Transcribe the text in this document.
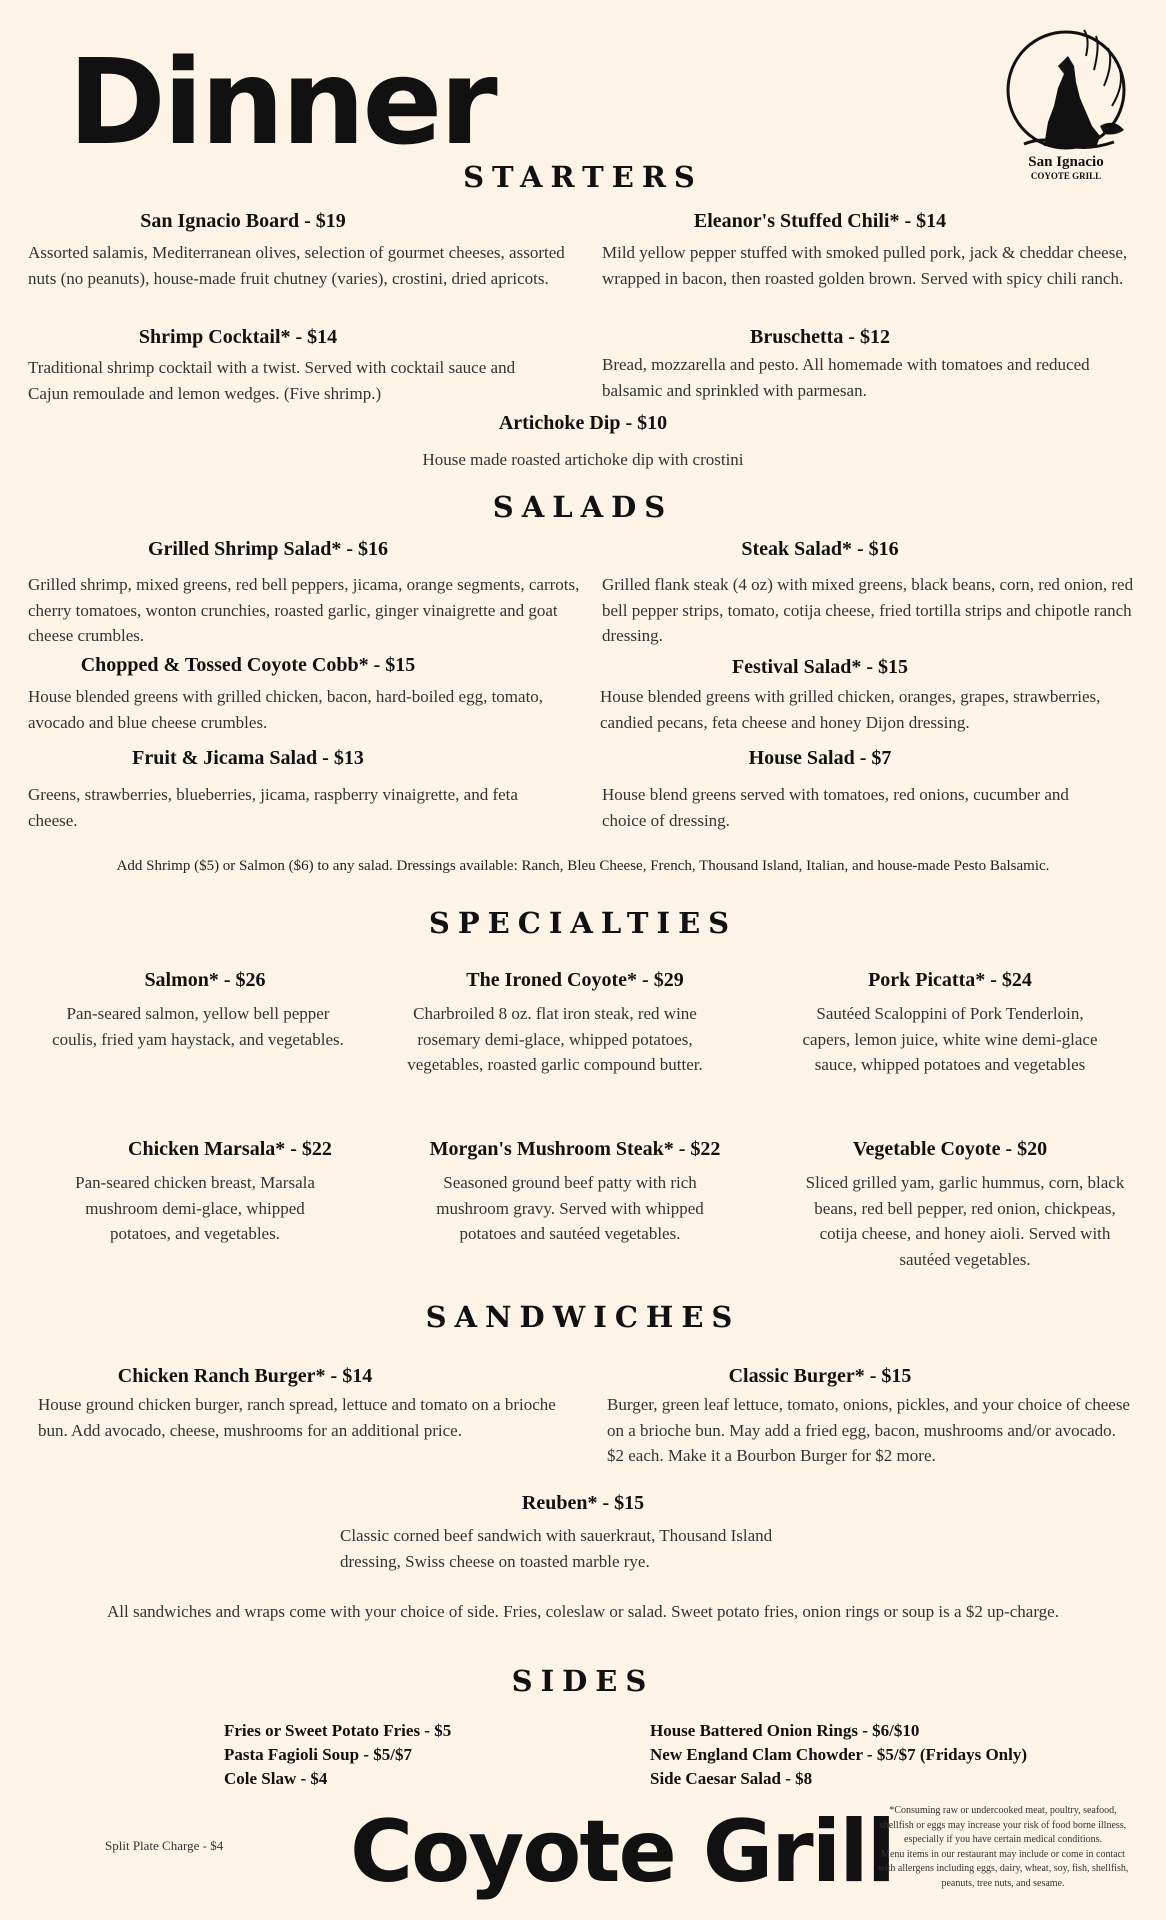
Dinner	San Ignacio
COYOTE GRILL
STARTERS
San Ignacio Board - $19
Assorted salamis, Mediterranean olives, selection of gourmet cheeses, assorted nuts (no peanuts), house-made fruit chutney (varies), crostini, dried apricots.
Eleanor's Stuffed Chili* - $14
Mild yellow pepper stuffed with smoked pulled pork, jack & cheddar cheese, wrapped in bacon, then roasted golden brown. Served with spicy chili ranch.
Shrimp Cocktail* - $14
Traditional shrimp cocktail with a twist. Served with cocktail sauce and Cajun remoulade and lemon wedges. (Five shrimp.)
Bruschetta - $12
Bread, mozzarella and pesto. All homemade with tomatoes and reduced balsamic and sprinkled with parmesan.
Artichoke Dip - $10
House made roasted artichoke dip with crostini
SALADS
Grilled Shrimp Salad* - $16
Grilled shrimp, mixed greens, red bell peppers, jicama, orange segments, carrots, cherry tomatoes, wonton crunchies, roasted garlic, ginger vinaigrette and goat cheese crumbles.
Steak Salad* - $16
Grilled flank steak (4 oz) with mixed greens, black beans, corn, red onion, red bell pepper strips, tomato, cotija cheese, fried tortilla strips and chipotle ranch dressing.
Chopped & Tossed Coyote Cobb* - $15
House blended greens with grilled chicken, bacon, hard-boiled egg, tomato, avocado and blue cheese crumbles.
Festival Salad* - $15
House blended greens with grilled chicken, oranges, grapes, strawberries, candied pecans, feta cheese and honey Dijon dressing.
Fruit & Jicama Salad - $13
Greens, strawberries, blueberries, jicama, raspberry vinaigrette, and feta cheese.
House Salad - $7
House blend greens served with tomatoes, red onions, cucumber and choice of dressing.
Add Shrimp ($5) or Salmon ($6) to any salad. Dressings available: Ranch, Bleu Cheese, French, Thousand Island, Italian, and house-made Pesto Balsamic.
SPECIALTIES
Salmon* - $26
Pan-seared salmon, yellow bell pepper coulis, fried yam haystack, and vegetables.
The Ironed Coyote* - $29
Charbroiled 8 oz. flat iron steak, red wine rosemary demi-glace, whipped potatoes, vegetables, roasted garlic compound butter.
Pork Picatta* - $24
Sautéed Scaloppini of Pork Tenderloin, capers, lemon juice, white wine demi-glace sauce, whipped potatoes and vegetables
Chicken Marsala* - $22
Pan-seared chicken breast, Marsala mushroom demi-glace, whipped potatoes, and vegetables.
Morgan's Mushroom Steak* - $22
Seasoned ground beef patty with rich mushroom gravy. Served with whipped potatoes and sautéed vegetables.
Vegetable Coyote - $20
Sliced grilled yam, garlic hummus, corn, black beans, red bell pepper, red onion, chickpeas, cotija cheese, and honey aioli. Served with sautéed vegetables.
SANDWICHES
Chicken Ranch Burger* - $14
House ground chicken burger, ranch spread, lettuce and tomato on a brioche bun. Add avocado, cheese, mushrooms for an additional price.
Classic Burger* - $15
Burger, green leaf lettuce, tomato, onions, pickles, and your choice of cheese on a brioche bun. May add a fried egg, bacon, mushrooms and/or avocado. $2 each. Make it a Bourbon Burger for $2 more.
Reuben* - $15
Classic corned beef sandwich with sauerkraut, Thousand Island dressing, Swiss cheese on toasted marble rye.
All sandwiches and wraps come with your choice of side. Fries, coleslaw or salad. Sweet potato fries, onion rings or soup is a $2 up-charge.
SIDES
Fries or Sweet Potato Fries - $5
Pasta Fagioli Soup - $5/$7
Cole Slaw - $4
House Battered Onion Rings - $6/$10
New England Clam Chowder - $5/$7 (Fridays Only)
Side Caesar Salad - $8
Split Plate Charge - $4 Coyote Grill
*Consuming raw or undercooked meat, poultry, seafood,
shellfish or eggs may increase your risk of food borne illness,
especially if you have certain medical conditions.
Menu items in our restaurant may include or come in contact
with allergens including eggs, dairy, wheat, soy, fish, shellfish,
peanuts, tree nuts, and sesame.
